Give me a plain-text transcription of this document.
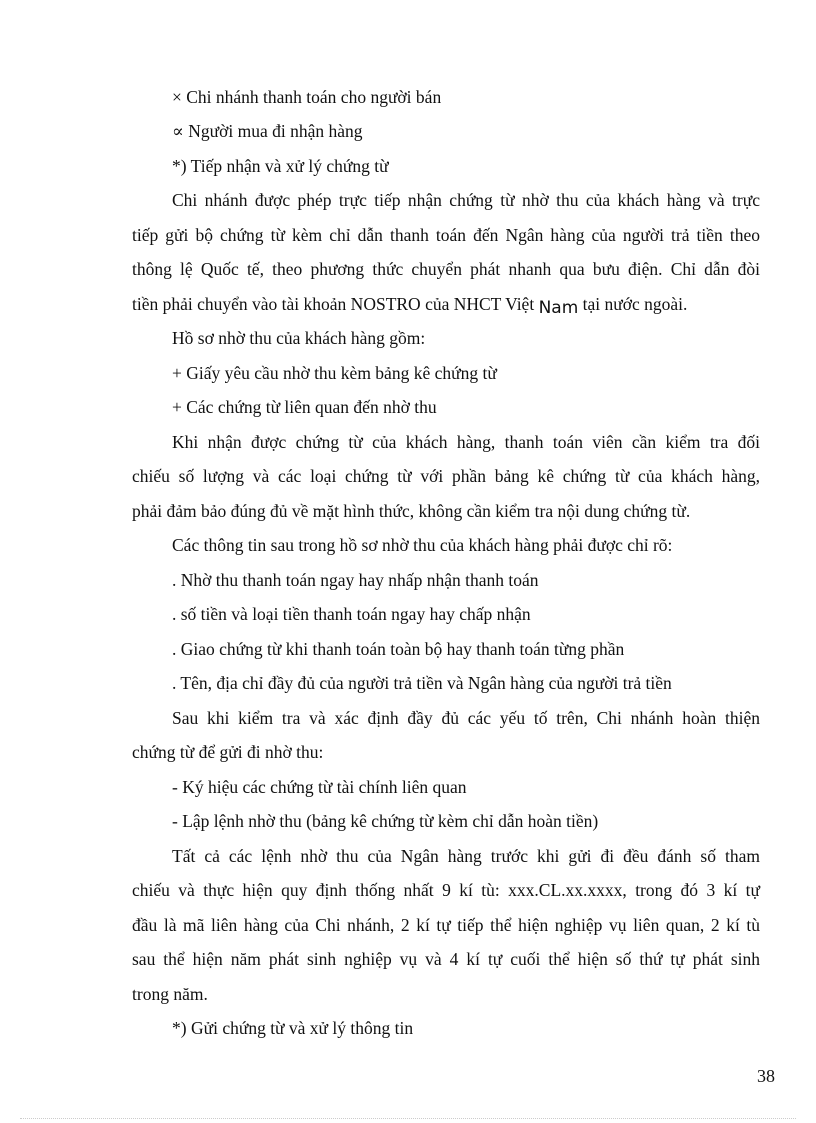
× Chi nhánh thanh toán cho người bán
∝ Người mua đi nhận hàng
*) Tiếp nhận và xử lý chứng từ
Chi nhánh được phép trực tiếp nhận chứng từ nhờ thu của khách hàng và trực
tiếp gửi bộ chứng từ kèm chỉ dẫn thanh toán đến Ngân hàng của người trả tiền theo
thông lệ Quốc tế, theo phương thức chuyển phát nhanh qua bưu điện. Chỉ dẫn đòi
tiền phải chuyển vào tài khoản NOSTRO của NHCT Việt Nam tại nước ngoài.
Hồ sơ nhờ thu của khách hàng gồm:
+ Giấy yêu cầu nhờ thu kèm bảng kê chứng từ
+ Các chứng từ liên quan đến nhờ thu
Khi nhận được chứng từ của khách hàng, thanh toán viên cần kiểm tra đối
chiếu số lượng và các loại chứng từ với phần bảng kê chứng từ của khách hàng,
phải đảm bảo đúng đủ về mặt hình thức, không cần kiểm tra nội dung chứng từ.
Các thông tin sau trong hồ sơ nhờ thu của khách hàng phải được chỉ rõ:
. Nhờ thu thanh toán ngay hay nhấp nhận thanh toán
. số tiền và loại tiền thanh toán ngay hay chấp nhận
. Giao chứng từ khi thanh toán toàn bộ hay thanh toán từng phần
. Tên, địa chỉ đầy đủ của người trả tiền và Ngân hàng của người trả tiền
Sau khi kiểm tra và xác định đầy đủ các yếu tố trên, Chi nhánh hoàn thiện
chứng từ để gửi đi nhờ thu:
- Ký hiệu các chứng từ tài chính liên quan
- Lập lệnh nhờ thu (bảng kê chứng từ kèm chỉ dẫn hoàn tiền)
Tất cả các lệnh nhờ thu của Ngân hàng trước khi gửi đi đều đánh số tham
chiếu và thực hiện quy định thống nhất 9 kí tù: xxx.CL.xx.xxxx, trong đó 3 kí tự
đầu là mã liên hàng của Chi nhánh, 2 kí tự tiếp thể hiện nghiệp vụ liên quan, 2 kí tù
sau thể hiện năm phát sinh nghiệp vụ và 4 kí tự cuối thể hiện số thứ tự phát sinh
trong năm.
*) Gửi chứng từ và xử lý thông tin
38
